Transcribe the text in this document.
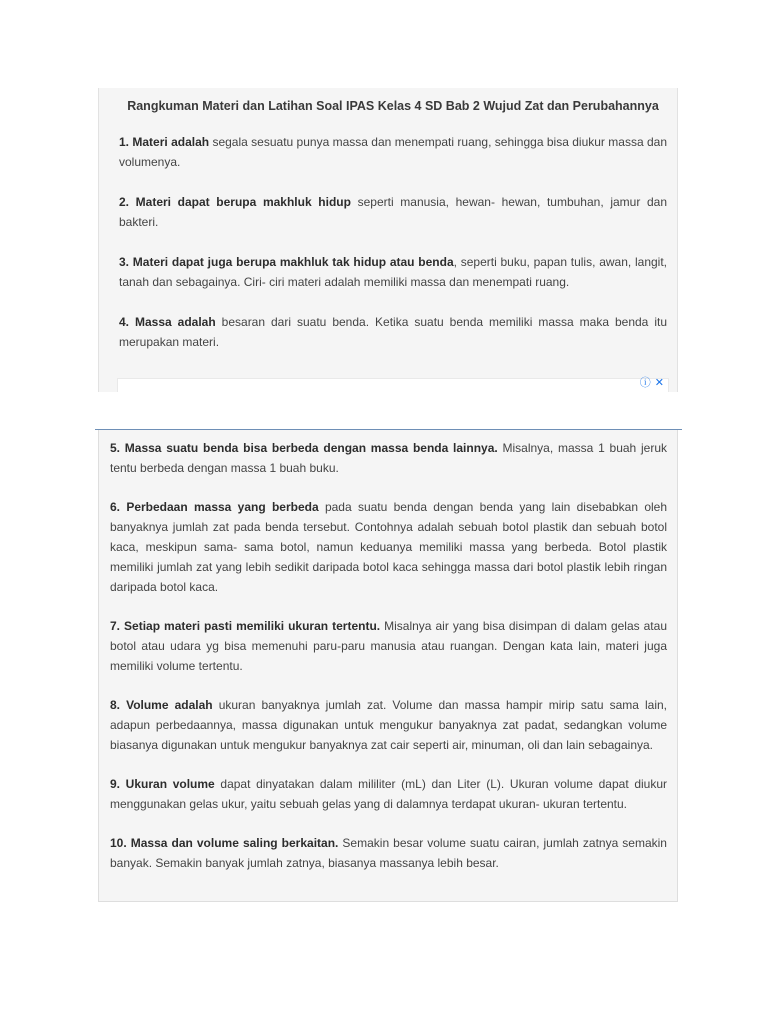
Rangkuman Materi dan Latihan Soal IPAS Kelas 4 SD Bab 2 Wujud Zat dan Perubahannya

1. Materi adalah segala sesuatu punya massa dan menempati ruang, sehingga bisa diukur massa dan volumenya.

2. Materi dapat berupa makhluk hidup seperti manusia, hewan- hewan, tumbuhan, jamur dan bakteri.

3. Materi dapat juga berupa makhluk tak hidup atau benda, seperti buku, papan tulis, awan, langit, tanah dan sebagainya. Ciri- ciri materi adalah memiliki massa dan menempati ruang.

4. Massa adalah besaran dari suatu benda. Ketika suatu benda memiliki massa maka benda itu merupakan materi.

ⓘ ✕

5. Massa suatu benda bisa berbeda dengan massa benda lainnya. Misalnya, massa 1 buah jeruk tentu berbeda dengan massa 1 buah buku.

6. Perbedaan massa yang berbeda pada suatu benda dengan benda yang lain disebabkan oleh banyaknya jumlah zat pada benda tersebut. Contohnya adalah sebuah botol plastik dan sebuah botol kaca, meskipun sama- sama botol, namun keduanya memiliki massa yang berbeda. Botol plastik memiliki jumlah zat yang lebih sedikit daripada botol kaca sehingga massa dari botol plastik lebih ringan daripada botol kaca.

7. Setiap materi pasti memiliki ukuran tertentu. Misalnya air yang bisa disimpan di dalam gelas atau botol atau udara yg bisa memenuhi paru-paru manusia atau ruangan. Dengan kata lain, materi juga memiliki volume tertentu.

8. Volume adalah ukuran banyaknya jumlah zat. Volume dan massa hampir mirip satu sama lain, adapun perbedaannya, massa digunakan untuk mengukur banyaknya zat padat, sedangkan volume biasanya digunakan untuk mengukur banyaknya zat cair seperti air, minuman, oli dan lain sebagainya.

9. Ukuran volume dapat dinyatakan dalam mililiter (mL) dan Liter (L). Ukuran volume dapat diukur menggunakan gelas ukur, yaitu sebuah gelas yang di dalamnya terdapat ukuran- ukuran tertentu.

10. Massa dan volume saling berkaitan. Semakin besar volume suatu cairan, jumlah zatnya semakin banyak. Semakin banyak jumlah zatnya, biasanya massanya lebih besar.
